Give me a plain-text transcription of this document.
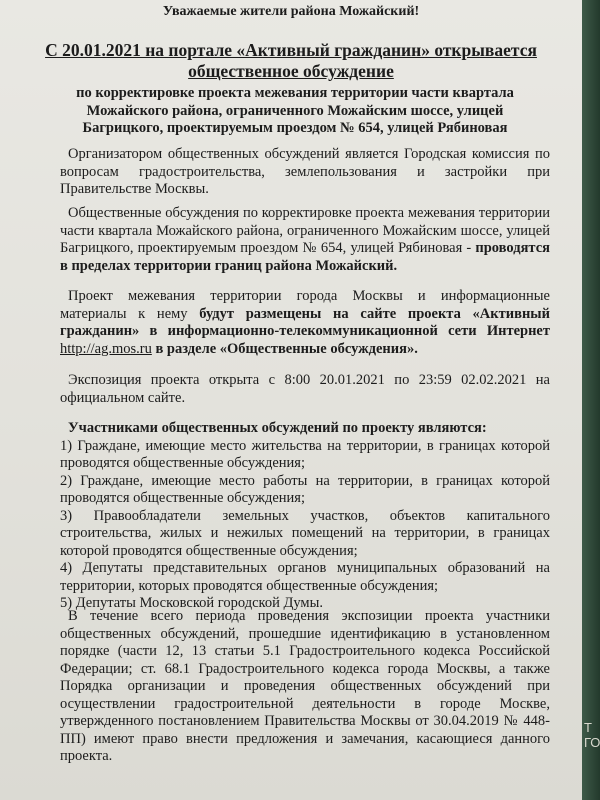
Уважаемые жители района Можайский!
С 20.01.2021 на портале «Активный гражданин» открывается
общественное обсуждение
по корректировке проекта межевания территории части квартала Можайского района, ограниченного Можайским шоссе, улицей Багрицкого, проектируемым проездом № 654, улицей Рябиновая
Организатором общественных обсуждений является Городская комиссия по вопросам градостроительства, землепользования и застройки при Правительстве Москвы.
Общественные обсуждения по корректировке проекта межевания территории части квартала Можайского района, ограниченного Можайским шоссе, улицей Багрицкого, проектируемым проездом № 654, улицей Рябиновая - проводятся в пределах территории границ района Можайский.
Проект межевания территории города Москвы и информационные материалы к нему будут размещены на сайте проекта «Активный гражданин» в информационно-телекоммуникационной сети Интернет http://ag.mos.ru в разделе «Общественные обсуждения».
Экспозиция проекта открыта с 8:00 20.01.2021 по 23:59 02.02.2021 на официальном сайте.
Участниками общественных обсуждений по проекту являются:
1) Граждане, имеющие место жительства на территории, в границах которой проводятся общественные обсуждения;
2) Граждане, имеющие место работы на территории, в границах которой проводятся общественные обсуждения;
3) Правообладатели земельных участков, объектов капитального строительства, жилых и нежилых помещений на территории, в границах которой проводятся общественные обсуждения;
4) Депутаты представительных органов муниципальных образований на территории, которых проводятся общественные обсуждения;
5) Депутаты Московской городской Думы.
В течение всего периода проведения экспозиции проекта участники общественных обсуждений, прошедшие идентификацию в установленном порядке (части 12, 13 статьи 5.1 Градостроительного кодекса Российской Федерации; ст. 68.1 Градостроительного кодекса города Москвы, а также Порядка организации и проведения общественных обсуждений при осуществлении градостроительной деятельности в городе Москве, утвержденного постановлением Правительства Москвы от 30.04.2019 № 448-ПП) имеют право внести предложения и замечания, касающиеся данного проекта.
Т
ГО
